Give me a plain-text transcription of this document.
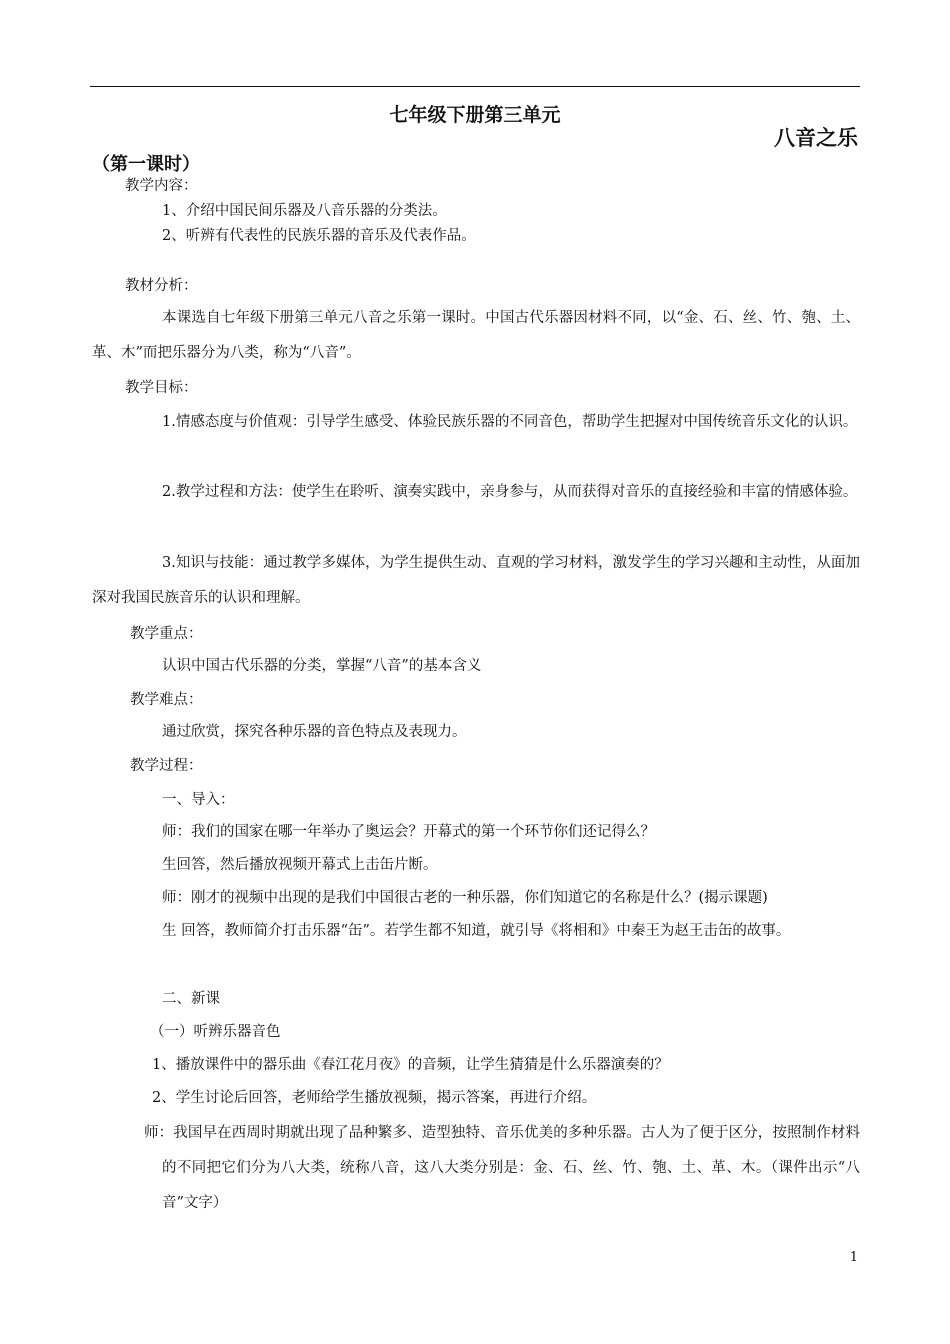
七年级下册第三单元
八音之乐
（第一课时）
教学内容：
1、介绍中国民间乐器及八音乐器的分类法。
2、听辨有代表性的民族乐器的音乐及代表作品。
教材分析：
本课选自七年级下册第三单元八音之乐第一课时。中国古代乐器因材料不同，以“金、石、丝、竹、匏、土、革、木”而把乐器分为八类，称为“八音”。
教学目标：
1.情感态度与价值观：引导学生感受、体验民族乐器的不同音色，帮助学生把握对中国传统音乐文化的认识。
2.教学过程和方法：使学生在聆听、演奏实践中，亲身参与，从而获得对音乐的直接经验和丰富的情感体验。
3.知识与技能：通过教学多媒体，为学生提供生动、直观的学习材料，激发学生的学习兴趣和主动性，从面加深对我国民族音乐的认识和理解。
教学重点：
认识中国古代乐器的分类，掌握“八音”的基本含义
教学难点：
通过欣赏，探究各种乐器的音色特点及表现力。
教学过程：
一、导入：
师：我们的国家在哪一年举办了奥运会？开幕式的第一个环节你们还记得么？
生回答，然后播放视频开幕式上击缶片断。
师：刚才的视频中出现的是我们中国很古老的一种乐器，你们知道它的名称是什么？(揭示课题)
生 回答，教师简介打击乐器“缶”。若学生都不知道，就引导《将相和》中秦王为赵王击缶的故事。
二、新课
（一）听辨乐器音色
1、播放课件中的器乐曲《春江花月夜》的音频，让学生猜猜是什么乐器演奏的？
2、学生讨论后回答，老师给学生播放视频，揭示答案，再进行介绍。
师：我国早在西周时期就出现了品种繁多、造型独特、音乐优美的多种乐器。古人为了便于区分，按照制作材料的不同把它们分为八大类，统称八音，这八大类分别是：金、石、丝、竹、匏、土、革、木。（课件出示“八音”文字）
1
